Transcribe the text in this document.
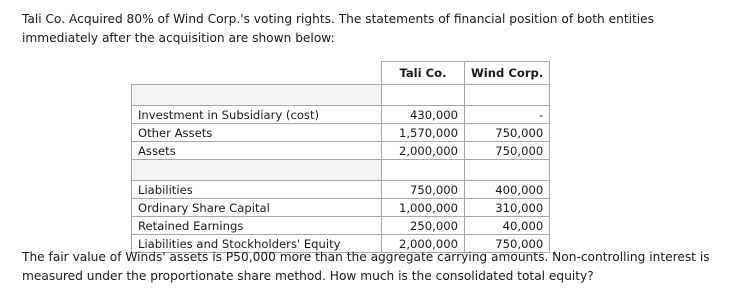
Tali Co. Acquired 80% of Wind Corp.'s voting rights. The statements of financial position of both entities immediately after the acquisition are shown below:

	Tali Co.	Wind Corp.

Investment in Subsidiary (cost)	430,000	-
Other Assets	1,570,000	750,000
Assets	2,000,000	750,000

Liabilities	750,000	400,000
Ordinary Share Capital	1,000,000	310,000
Retained Earnings	250,000	40,000
Liabilities and Stockholders' Equity	2,000,000	750,000

The fair value of Winds' assets is P50,000 more than the aggregate carrying amounts. Non-controlling interest is measured under the proportionate share method. How much is the consolidated total equity?
